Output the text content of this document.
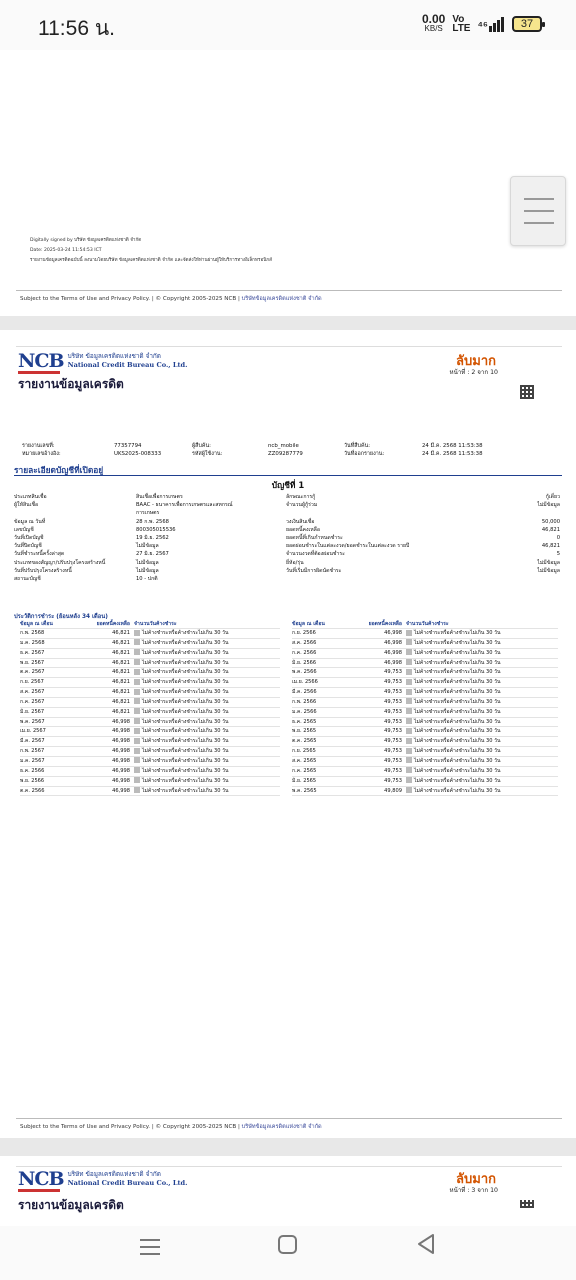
11:56 น.	0.00
KB/S
Vo
LTE ⁴⁶	37
Digitally signed by บริษัท ข้อมูลเครดิตแห่งชาติ จำกัด
Date: 2025-03-24 11:54:53 ICT
รายงานข้อมูลเครดิตฉบับนี้ ลงนามโดยบริษัท ข้อมูลเครดิตแห่งชาติ จำกัด และจัดส่งให้ท่านผ่านผู้ให้บริการทางอิเล็กทรอนิกส์
Subject to the Terms of Use and Privacy Policy. | © Copyright 2005-2025 NCB | บริษัทข้อมูลเครดิตแห่งชาติ จำกัด
NCB บริษัท ข้อมูลเครดิตแห่งชาติ จำกัด
National Credit Bureau Co., Ltd.	ลับมาก
หน้าที่ : 2 จาก 10
รายงานข้อมูลเครดิต
รายงานเลขที่:	77357794	ผู้สืบค้น:	ncb_mobile	วันที่สืบค้น:	24 มี.ค. 2568 11:53:38
หมายเลขอ้างอิง:	UKS2025-008333	รหัสผู้ใช้งาน:	ZZ09287779	วันที่ออกรายงาน:	24 มี.ค. 2568 11:53:38
รายละเอียดบัญชีที่เปิดอยู่
บัญชีที่ 1
ประเภทสินเชื่อ	สินเชื่อเพื่อการเกษตร
ผู้ให้สินเชื่อ	BAAC - ธนาคารเพื่อการเกษตรและสหกรณ์
การเกษตร
ข้อมูล ณ วันที่	28 ก.พ. 2568
เลขบัญชี	8003050155​36
วันที่เปิดบัญชี	19 มิ.ย. 2562
วันที่ปิดบัญชี	ไม่มีข้อมูล
วันที่ชำระหนี้ครั้งล่าสุด	27 มิ.ย. 2567
ประเภทของสัญญา/ปรับปรุงโครงสร้างหนี้	ไม่มีข้อมูล
วันที่ปรับปรุงโครงสร้างหนี้	ไม่มีข้อมูล
สถานะบัญชี	10 - ปกติ
ลักษณะการกู้	กู้เดี่ยว
จำนวนผู้กู้ร่วม	ไม่มีข้อมูล
วงเงินสินเชื่อ	50,000
ยอดหนี้คงเหลือ	46,821
ยอดหนี้ที่เกินกำหนดชำระ	0
ยอดผ่อนชำระในแต่ละงวด/ยอดชำระในแต่ละงวด รายปี	46,821
จำนวนงวดที่ต้องผ่อนชำระ	5
ยี่ห้อ/รุ่น	ไม่มีข้อมูล
วันที่เริ่มมีการผิดนัดชำระ	ไม่มีข้อมูล
ประวัติการชำระ (ย้อนหลัง 34 เดือน)
ข้อมูล ณ เดือน	ยอดหนี้คงเหลือ จำนวนวันค้างชำระ
ก.พ. 2568	46,821	ไม่ค้างชำระหรือค้างชำระไม่เกิน 30 วัน
ม.ค. 2568	46,821	ไม่ค้างชำระหรือค้างชำระไม่เกิน 30 วัน
ธ.ค. 2567	46,821	ไม่ค้างชำระหรือค้างชำระไม่เกิน 30 วัน
พ.ย. 2567	46,821	ไม่ค้างชำระหรือค้างชำระไม่เกิน 30 วัน
ต.ค. 2567	46,821	ไม่ค้างชำระหรือค้างชำระไม่เกิน 30 วัน
ก.ย. 2567	46,821	ไม่ค้างชำระหรือค้างชำระไม่เกิน 30 วัน
ส.ค. 2567	46,821	ไม่ค้างชำระหรือค้างชำระไม่เกิน 30 วัน
ก.ค. 2567	46,821	ไม่ค้างชำระหรือค้างชำระไม่เกิน 30 วัน
มิ.ย. 2567	46,821	ไม่ค้างชำระหรือค้างชำระไม่เกิน 30 วัน
พ.ค. 2567	46,998	ไม่ค้างชำระหรือค้างชำระไม่เกิน 30 วัน
เม.ย. 2567	46,998	ไม่ค้างชำระหรือค้างชำระไม่เกิน 30 วัน
มี.ค. 2567	46,998	ไม่ค้างชำระหรือค้างชำระไม่เกิน 30 วัน
ก.พ. 2567	46,998	ไม่ค้างชำระหรือค้างชำระไม่เกิน 30 วัน
ม.ค. 2567	46,998	ไม่ค้างชำระหรือค้างชำระไม่เกิน 30 วัน
ธ.ค. 2566	46,998	ไม่ค้างชำระหรือค้างชำระไม่เกิน 30 วัน
พ.ย. 2566	46,998	ไม่ค้างชำระหรือค้างชำระไม่เกิน 30 วัน
ต.ค. 2566	46,998	ไม่ค้างชำระหรือค้างชำระไม่เกิน 30 วัน
ข้อมูล ณ เดือน	ยอดหนี้คงเหลือ จำนวนวันค้างชำระ
ก.ย. 2566	46,998	ไม่ค้างชำระหรือค้างชำระไม่เกิน 30 วัน
ส.ค. 2566	46,998	ไม่ค้างชำระหรือค้างชำระไม่เกิน 30 วัน
ก.ค. 2566	46,998	ไม่ค้างชำระหรือค้างชำระไม่เกิน 30 วัน
มิ.ย. 2566	46,998	ไม่ค้างชำระหรือค้างชำระไม่เกิน 30 วัน
พ.ค. 2566	49,753	ไม่ค้างชำระหรือค้างชำระไม่เกิน 30 วัน
เม.ย. 2566	49,753	ไม่ค้างชำระหรือค้างชำระไม่เกิน 30 วัน
มี.ค. 2566	49,753	ไม่ค้างชำระหรือค้างชำระไม่เกิน 30 วัน
ก.พ. 2566	49,753	ไม่ค้างชำระหรือค้างชำระไม่เกิน 30 วัน
ม.ค. 2566	49,753	ไม่ค้างชำระหรือค้างชำระไม่เกิน 30 วัน
ธ.ค. 2565	49,753	ไม่ค้างชำระหรือค้างชำระไม่เกิน 30 วัน
พ.ย. 2565	49,753	ไม่ค้างชำระหรือค้างชำระไม่เกิน 30 วัน
ต.ค. 2565	49,753	ไม่ค้างชำระหรือค้างชำระไม่เกิน 30 วัน
ก.ย. 2565	49,753	ไม่ค้างชำระหรือค้างชำระไม่เกิน 30 วัน
ส.ค. 2565	49,753	ไม่ค้างชำระหรือค้างชำระไม่เกิน 30 วัน
ก.ค. 2565	49,753	ไม่ค้างชำระหรือค้างชำระไม่เกิน 30 วัน
มิ.ย. 2565	49,753	ไม่ค้างชำระหรือค้างชำระไม่เกิน 30 วัน
พ.ค. 2565	49,809	ไม่ค้างชำระหรือค้างชำระไม่เกิน 30 วัน
Subject to the Terms of Use and Privacy Policy. | © Copyright 2005-2025 NCB | บริษัทข้อมูลเครดิตแห่งชาติ จำกัด
NCB บริษัท ข้อมูลเครดิตแห่งชาติ จำกัด
National Credit Bureau Co., Ltd.	ลับมาก
หน้าที่ : 3 จาก 10
รายงานข้อมูลเครดิต
